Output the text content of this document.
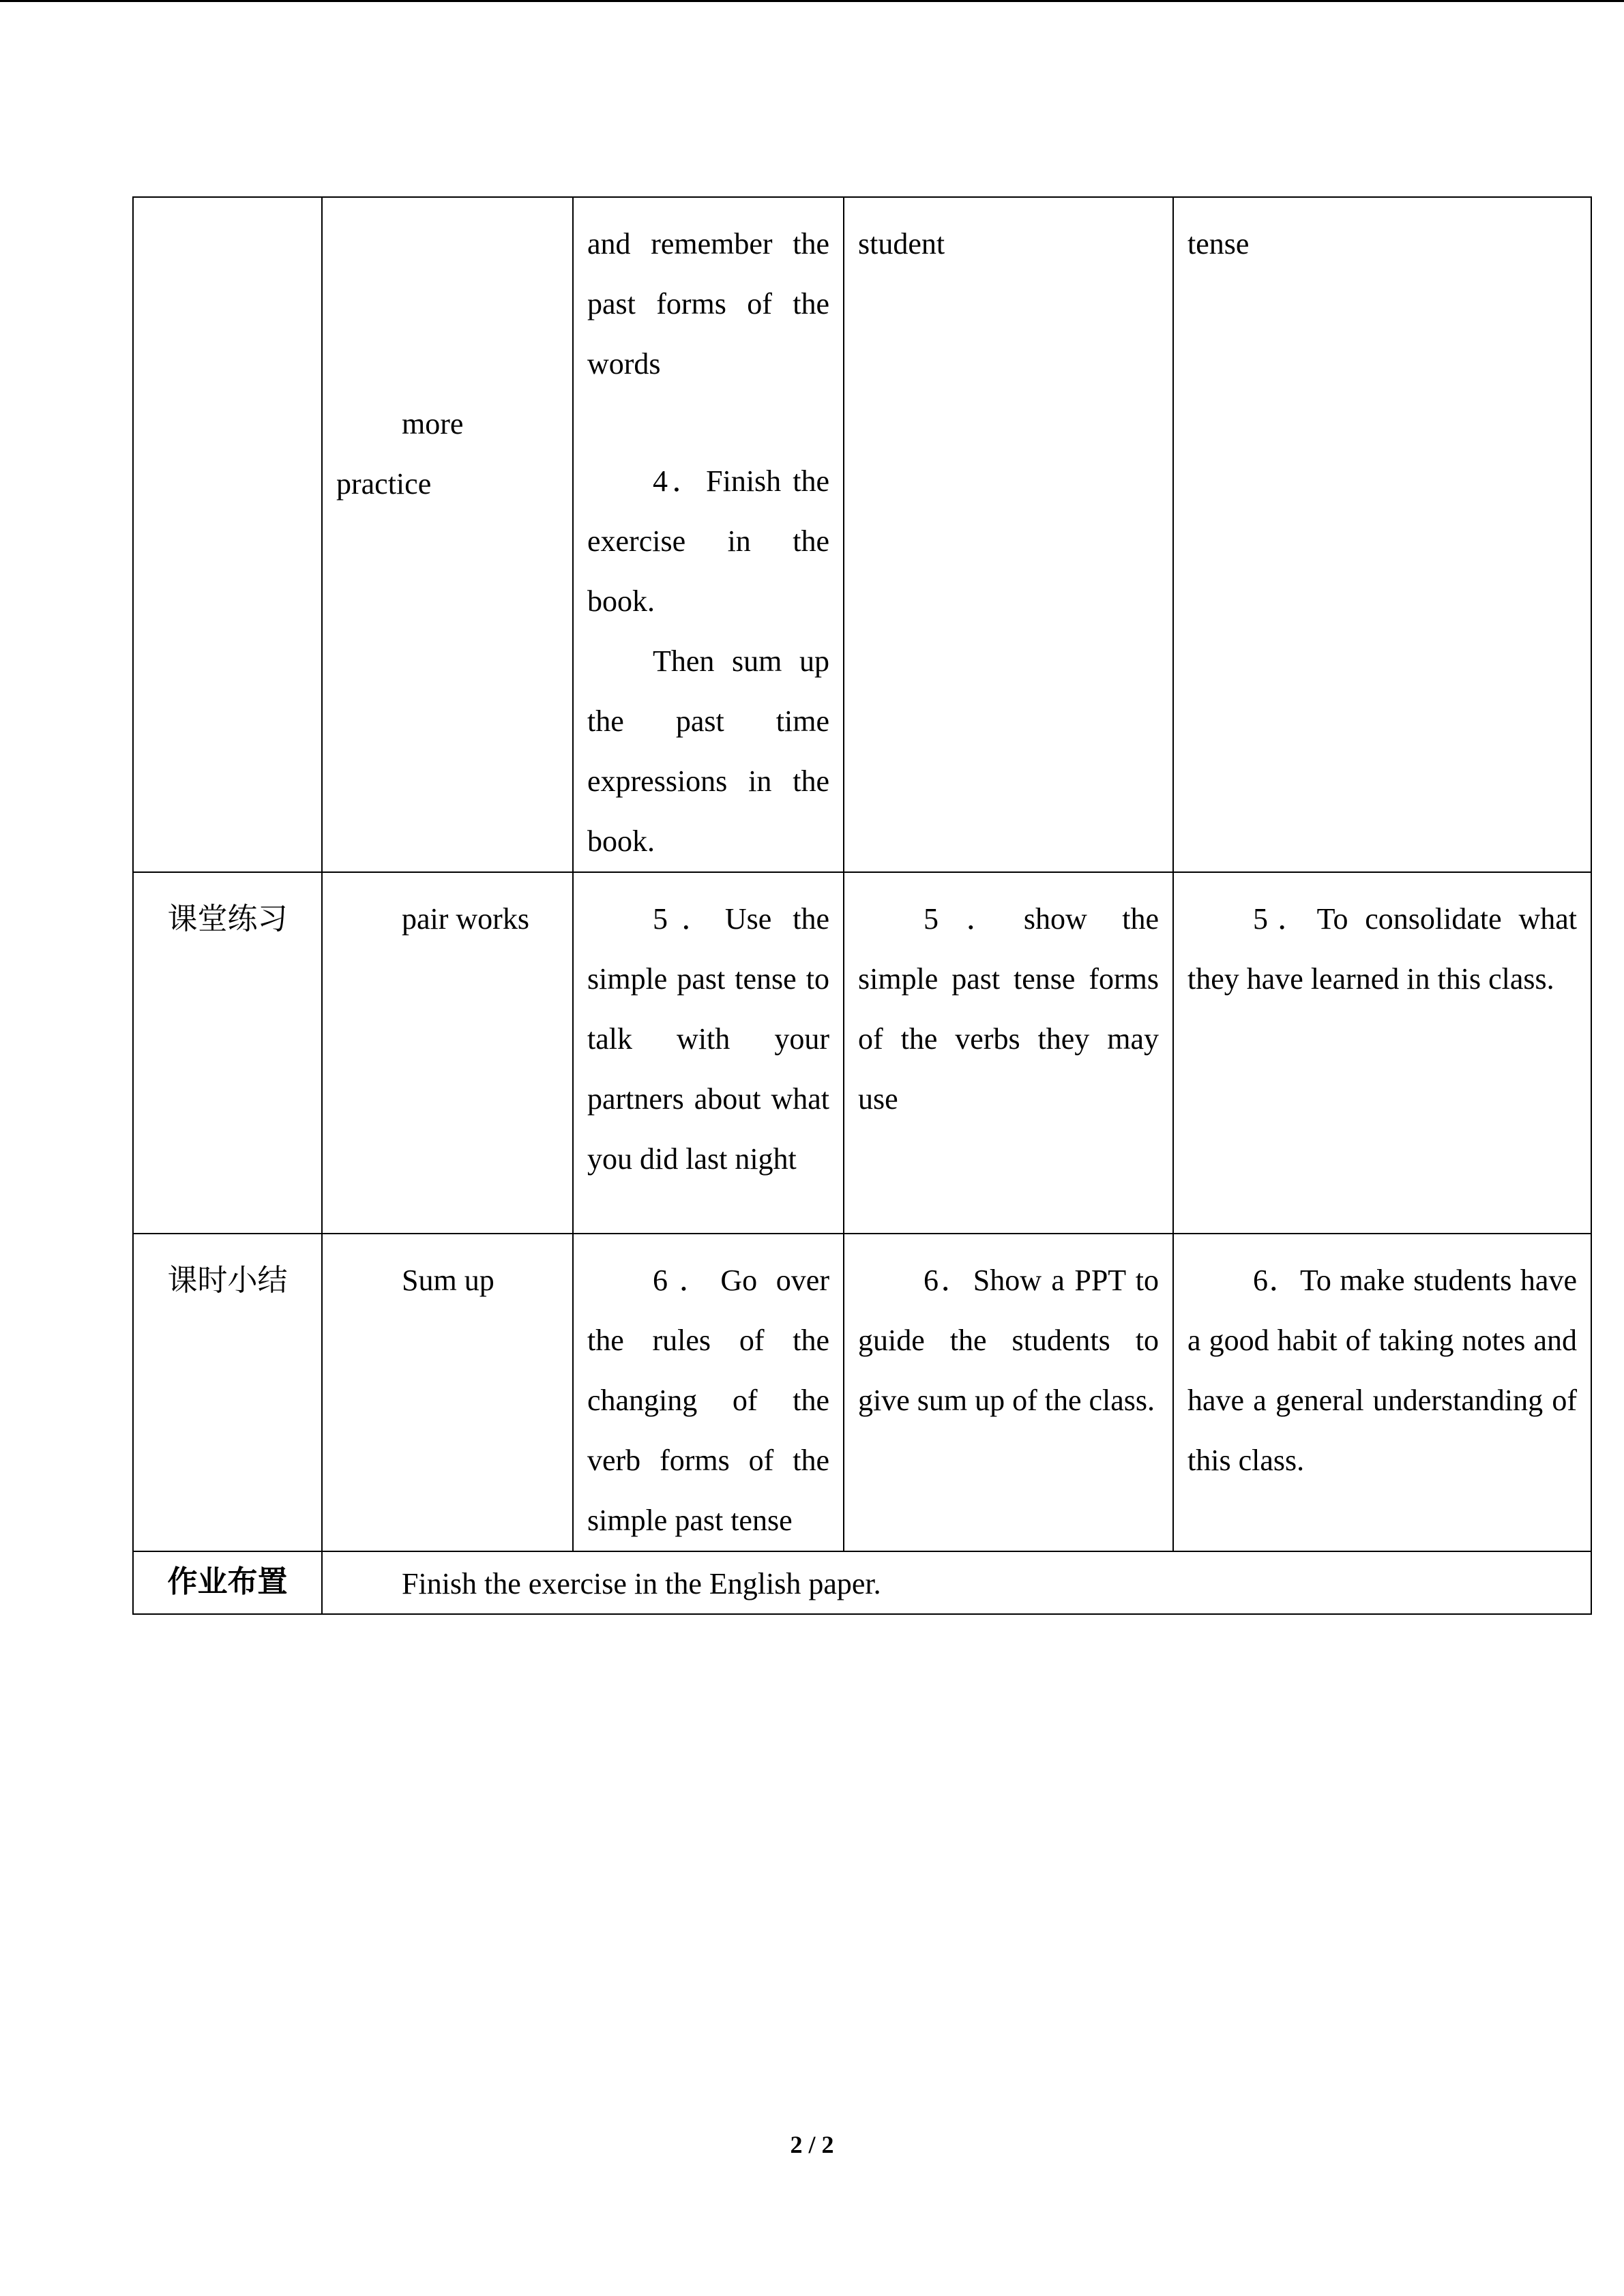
	more practice	and remember the past forms of the words
4．Finish the exercise in the book.
Then sum up the past time expressions in the book.	student	tense

课堂练习	pair works	5．Use the simple past tense to talk with your partners about what you did last night	5．show the simple past tense forms of the verbs they may use	5．To consolidate what they have learned in this class.

课时小结	Sum up	6．Go over the rules of the changing of the verb forms of the simple past tense	6．Show a PPT to guide the students to give sum up of the class.	6．To make students have a good habit of taking notes and have a general understanding of this class.

作业布置	Finish the exercise in the English paper.			
2 / 2
